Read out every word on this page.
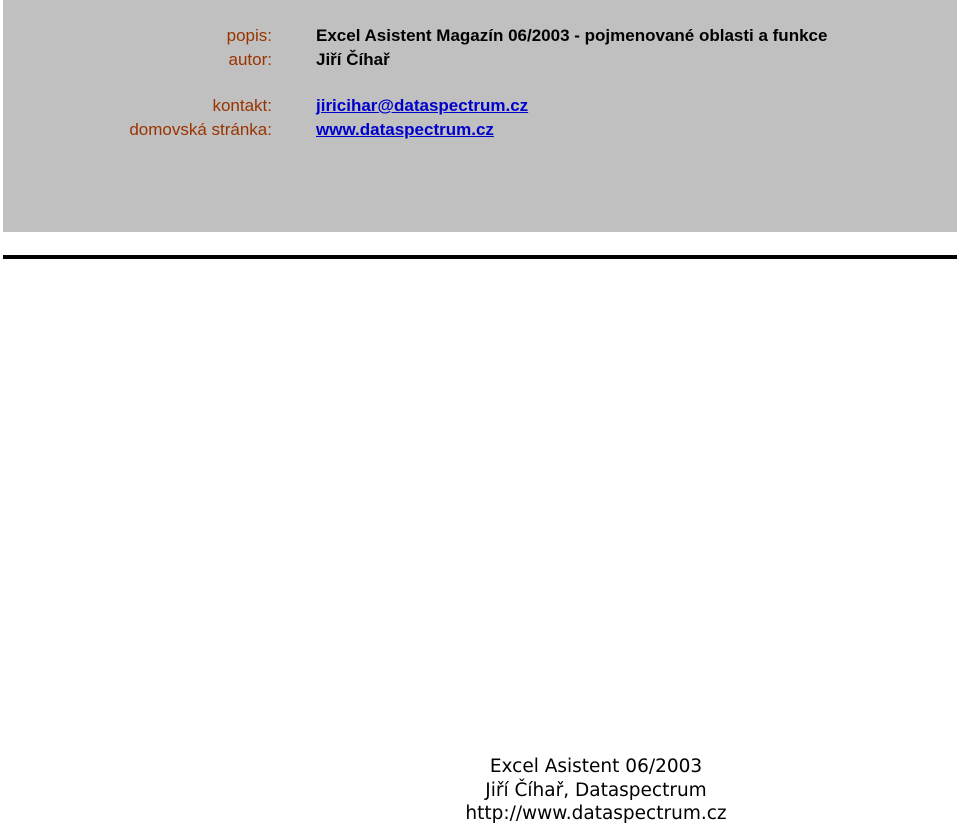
popis:	Excel Asistent Magazín 06/2003 - pojmenované oblasti a funkce
autor:	Jiří Číhař
kontakt:	jiricihar@dataspectrum.cz
domovská stránka:	www.dataspectrum.cz
Excel Asistent 06/2003
Jiří Číhař, Dataspectrum
http://www.dataspectrum.cz
